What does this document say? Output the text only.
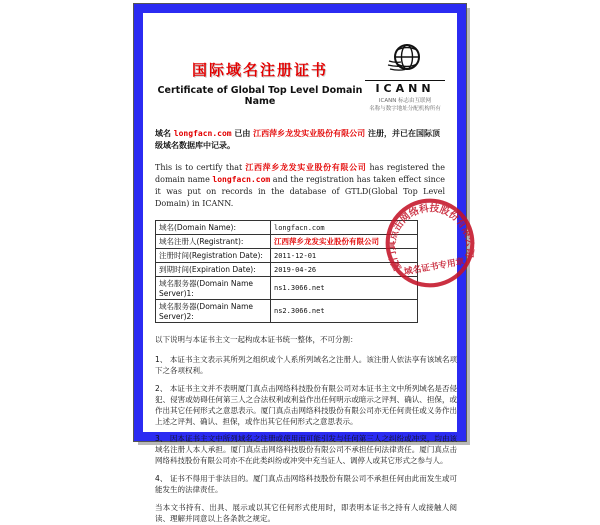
国际域名注册证书
Certificate of Global Top Level Domain Name
ICANN
ICANN 标志由互联网
名称与数字地址分配机构所有
域名 longfacn.com 已由 江西萍乡龙发实业股份有限公司 注册，并已在国际顶级域名数据库中记录。
This is to certify that 江西萍乡龙发实业股份有限公司 has registered the domain name longfacn.com and the registration has taken effect since it was put on records in the database of GTLD(Global Top Level Domain) in ICANN.
域名(Domain Name):	longfacn.com
域名注册人(Registrant):	江西萍乡龙发实业股份有限公司
注册时间(Registration Date):	2011-12-01
到期时间(Expiration Date):	2019-04-26
域名服务器(Domain Name Server)1:	ns1.3066.net
域名服务器(Domain Name Server)2:	ns2.3066.net

以下说明与本证书主文一起构成本证书统一整体，不可分割：

1、 本证书主文表示其所列之组织或个人系所列域名之注册人。该注册人依法享有该域名项下之各项权利。

2、 本证书主文并不表明厦门真点击网络科技股份有限公司对本证书主文中所列域名是否侵犯、侵害或妨碍任何第三人之合法权利或利益作出任何明示或暗示之评判、确认、担保，或作出其它任何形式之意思表示。厦门真点击网络科技股份有限公司亦无任何责任或义务作出上述之评判、确认、担保，或作出其它任何形式之意思表示。

3、 因本证书主文中所列域名之注册或使用而可能引发与任何第三人之纠纷或冲突，均由该域名注册人本人承担。厦门真点击网络科技股份有限公司不承担任何法律责任。厦门真点击网络科技股份有限公司亦不在此类纠纷或冲突中充当证人、调停人或其它形式之参与人。

4、 证书不得用于非法目的。厦门真点击网络科技股份有限公司不承担任何由此而发生或可能发生的法律责任。

当本文书持有、出具、展示或以其它任何形式使用时，即表明本证书之持有人或接触人阅读、理解并同意以上各条款之规定。

厦门真点击网络科技股份有限公司
域名证书专用章
